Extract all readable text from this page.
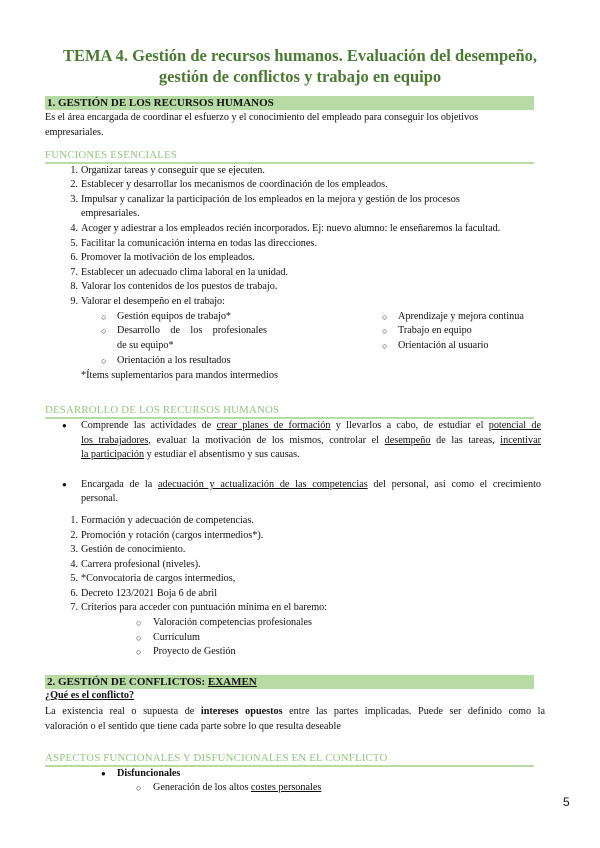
TEMA 4. Gestión de recursos humanos. Evaluación del desempeño,
gestión de conflictos y trabajo en equipo
1. GESTIÓN DE LOS RECURSOS HUMANOS
Es el área encargada de coordinar el esfuerzo y el conocimiento del empleado para conseguir los objetivos
empresariales.
FUNCIONES ESENCIALES
1. Organizar tareas y conseguir que se ejecuten.
2. Establecer y desarrollar los mecanismos de coordinación de los empleados.
3. Impulsar y canalizar la participación de los empleados en la mejora y gestión de los procesos
empresariales.
4. Acoger y adiestrar a los empleados recién incorporados. Ej: nuevo alumno: le enseñaremos la facultad.
5. Facilitar la comunicación interna en todas las direcciones.
6. Promover la motivación de los empleados.
7. Establecer un adecuado clima laboral en la unidad.
8. Valorar los contenidos de los puestos de trabajo.
9. Valorar el desempeño en el trabajo:
○ Gestión equipos de trabajo*
○ Desarrollo de los profesionales
de su equipo*
○ Orientación a los resultados
○ Aprendizaje y mejora continua
○ Trabajo en equipo
○ Orientación al usuario
*Ítems suplementarios para mandos intermedios
DESARROLLO DE LOS RECURSOS HUMANOS
● Comprende las actividades de crear planes de formación y llevarlos a cabo, de estudiar el potencial de
los trabajadores, evaluar la motivación de los mismos, controlar el desempeño de las tareas, incentivar
la participación y estudiar el absentismo y sus causas.
● Encargada de la adecuación y actualización de las competencias del personal, así como el crecimiento
personal.
1. Formación y adecuación de competencias.
2. Promoción y rotación (cargos intermedios*).
3. Gestión de conocimiento.
4. Carrera profesional (niveles).
5. *Convocatoria de cargos intermedios,
6. Decreto 123/2021 Boja 6 de abril
7. Criterios para acceder con puntuación mínima en el baremo:
○ Valoración competencias profesionales
○ Currículum
○ Proyecto de Gestión
2. GESTIÓN DE CONFLICTOS: EXAMEN
¿Qué es el conflicto?
La existencia real o supuesta de intereses opuestos entre las partes implicadas. Puede ser definido como la
valoración o el sentido que tiene cada parte sobre lo que resulta deseable
ASPECTOS FUNCIONALES Y DISFUNCIONALES EN EL CONFLICTO
● Disfuncionales
○ Generación de los altos costes personales
5
